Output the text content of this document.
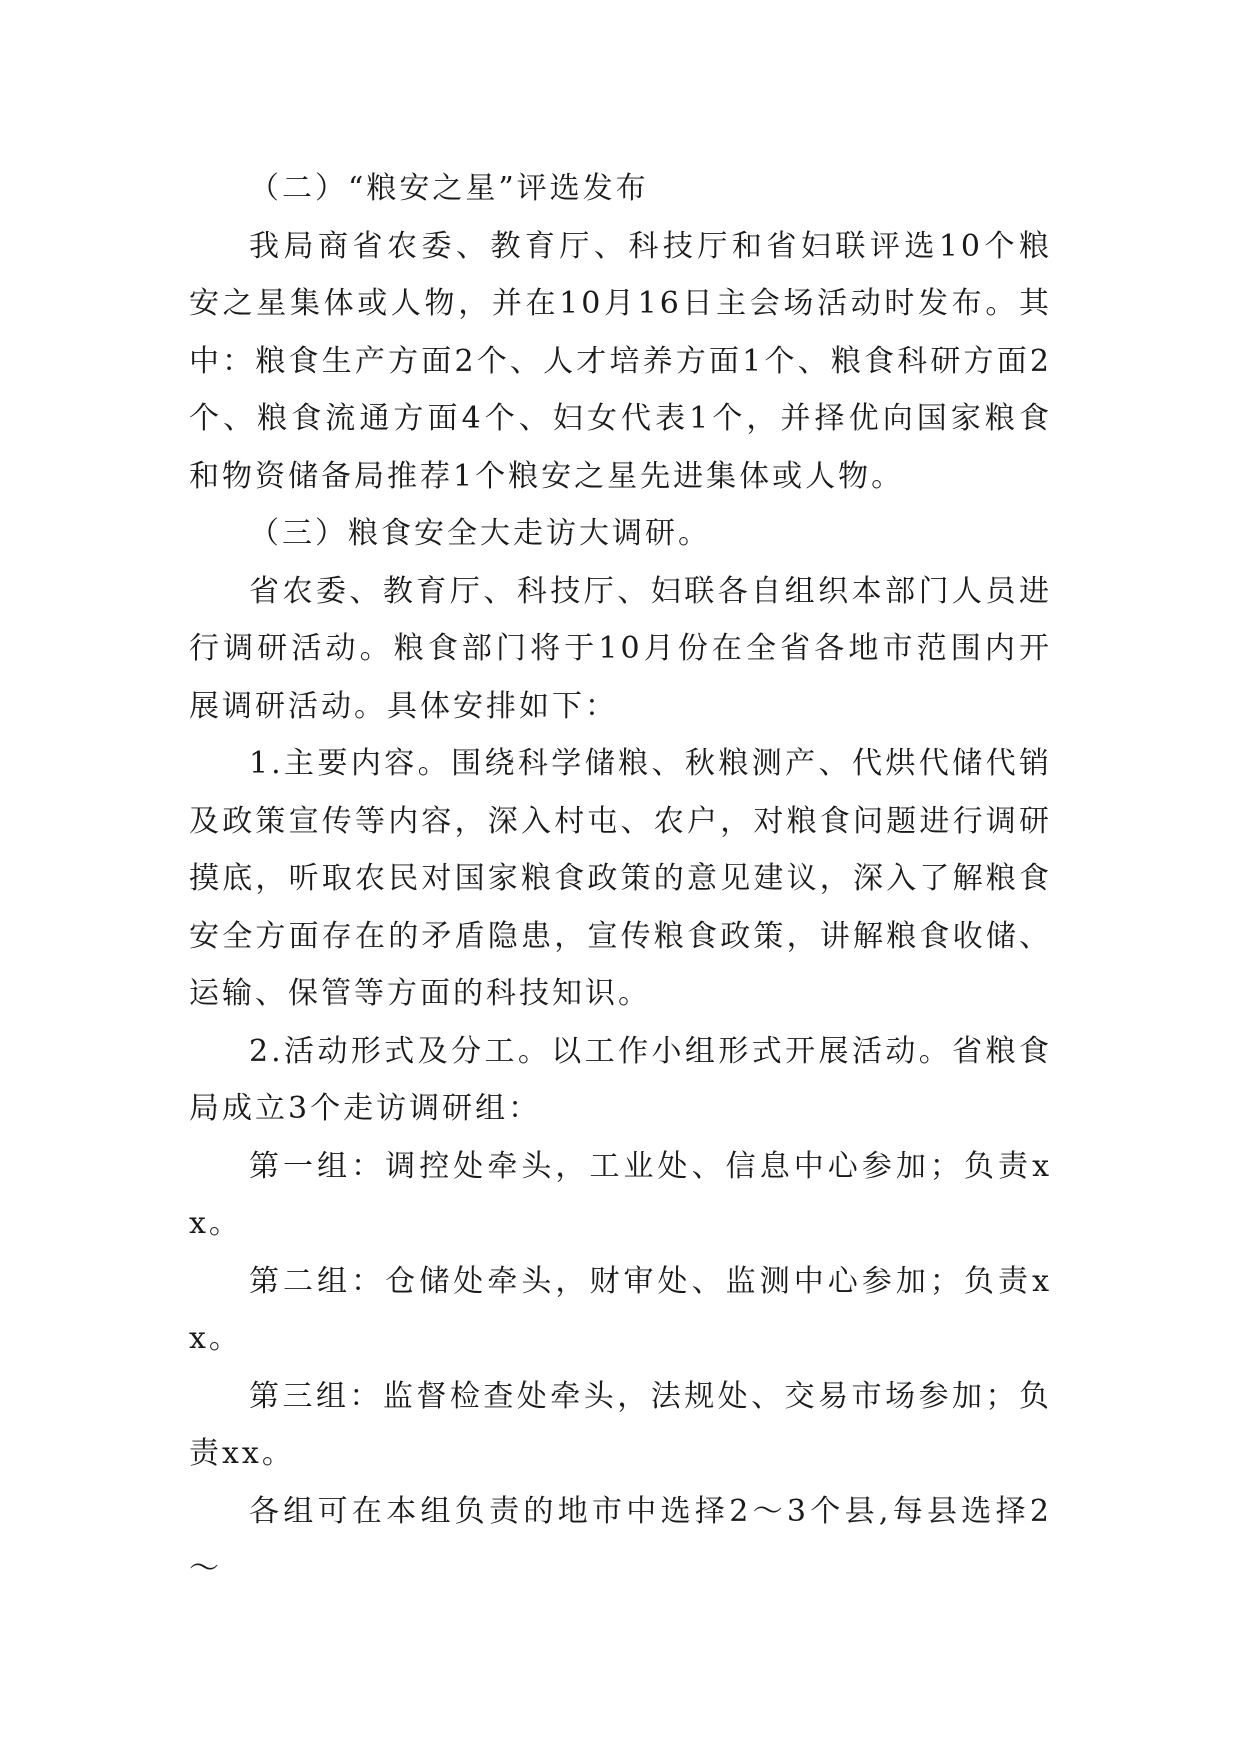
（二）“粮安之星”评选发布

我局商省农委、教育厅、科技厅和省妇联评选10个粮安之星集体或人物，并在10月16日主会场活动时发布。其中：粮食生产方面2个、人才培养方面1个、粮食科研方面2个、粮食流通方面4个、妇女代表1个，并择优向国家粮食和物资储备局推荐1个粮安之星先进集体或人物。

（三）粮食安全大走访大调研。

省农委、教育厅、科技厅、妇联各自组织本部门人员进行调研活动。粮食部门将于10月份在全省各地市范围内开展调研活动。具体安排如下：

1.主要内容。围绕科学储粮、秋粮测产、代烘代储代销及政策宣传等内容，深入村屯、农户，对粮食问题进行调研摸底，听取农民对国家粮食政策的意见建议，深入了解粮食安全方面存在的矛盾隐患，宣传粮食政策，讲解粮食收储、运输、保管等方面的科技知识。

2.活动形式及分工。以工作小组形式开展活动。省粮食局成立3个走访调研组：

第一组：调控处牵头，工业处、信息中心参加；负责xx。

第二组：仓储处牵头，财审处、监测中心参加；负责xx。

第三组：监督检查处牵头，法规处、交易市场参加；负责xx。

各组可在本组负责的地市中选择2～3个县,每县选择2～
